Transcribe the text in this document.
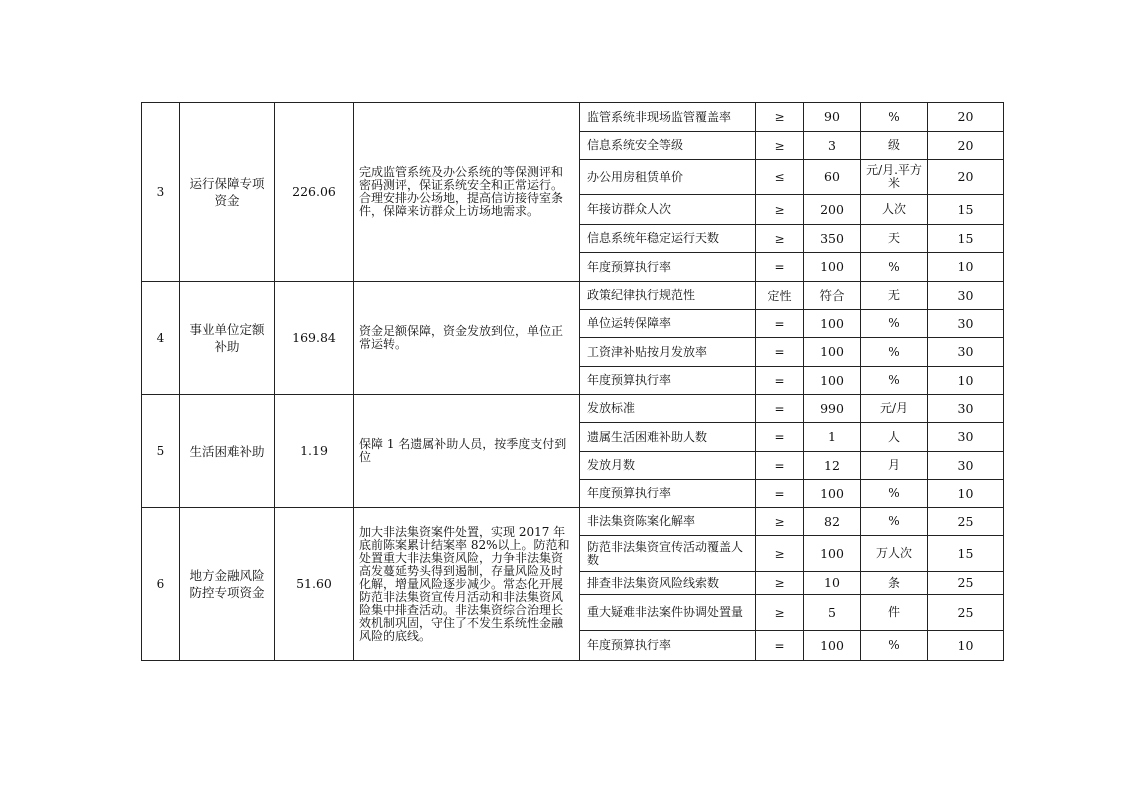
3	运行保障专项资金	226.06	完成监管系统及办公系统的等保测评和密码测评，保证系统安全和正常运行。合理安排办公场地，提高信访接待室条件，保障来访群众上访场地需求。	监管系统非现场监管覆盖率	≥	90	%	20
				信息系统安全等级	≥	3	级	20
				办公用房租赁单价	≤	60	元/月.平方米	20
				年接访群众人次	≥	200	人次	15
				信息系统年稳定运行天数	≥	350	天	15
				年度预算执行率	=	100	%	10
4	事业单位定额补助	169.84	资金足额保障，资金发放到位，单位正常运转。	政策纪律执行规范性	定性	符合	无	30
				单位运转保障率	=	100	%	30
				工资津补贴按月发放率	=	100	%	30
				年度预算执行率	=	100	%	10
5	生活困难补助	1.19	保障 1 名遗属补助人员，按季度支付到位	发放标准	=	990	元/月	30
				遗属生活困难补助人数	=	1	人	30
				发放月数	=	12	月	30
				年度预算执行率	=	100	%	10
6	地方金融风险防控专项资金	51.60	加大非法集资案件处置，实现 2017 年底前陈案累计结案率 82%以上。防范和处置重大非法集资风险，力争非法集资高发蔓延势头得到遏制，存量风险及时化解，增量风险逐步减少。常态化开展防范非法集资宣传月活动和非法集资风险集中排查活动。非法集资综合治理长效机制巩固，守住了不发生系统性金融风险的底线。	非法集资陈案化解率	≥	82	%	25
				防范非法集资宣传活动覆盖人数	≥	100	万人次	15
				排查非法集资风险线索数	≥	10	条	25
				重大疑难非法案件协调处置量	≥	5	件	25
				年度预算执行率	=	100	%	10
